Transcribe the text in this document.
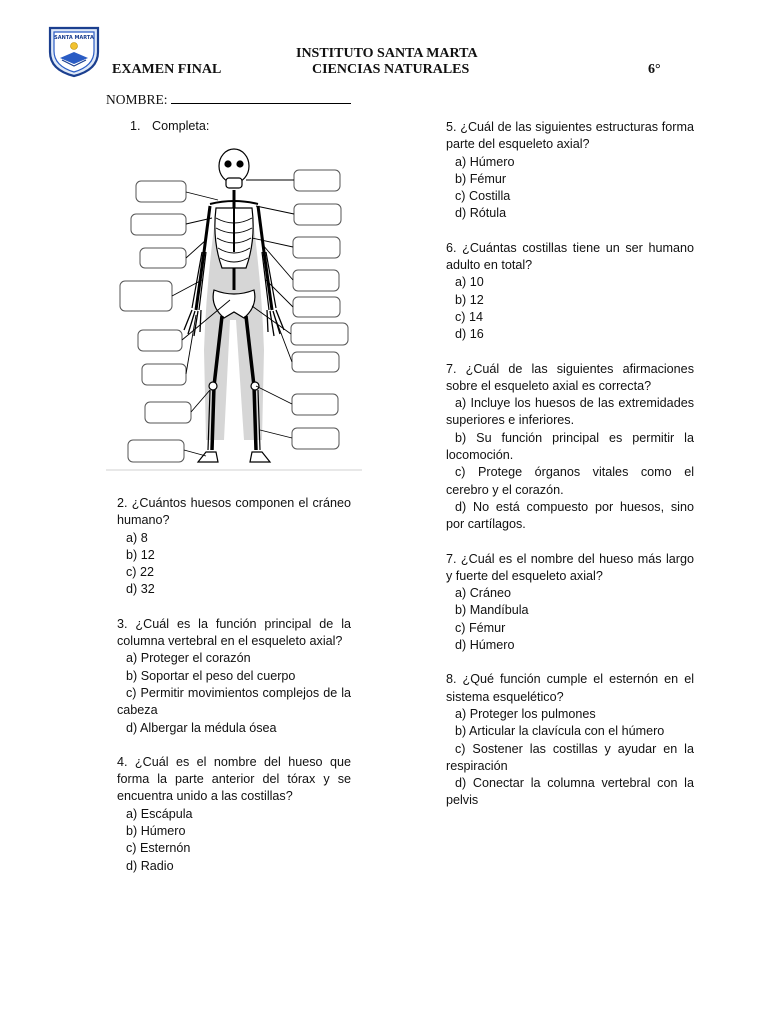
SANTA MARTA
INSTITUTO SANTA MARTA
EXAMEN FINAL	CIENCIAS NATURALES	6°
NOMBRE:
1. Completa:
2. ¿Cuántos huesos componen el cráneo humano?
a) 8
b) 12
c) 22
d) 32
3. ¿Cuál es la función principal de la columna vertebral en el esqueleto axial?
a) Proteger el corazón
b) Soportar el peso del cuerpo
c) Permitir movimientos complejos de la cabeza
d) Albergar la médula ósea
4. ¿Cuál es el nombre del hueso que forma la parte anterior del tórax y se encuentra unido a las costillas?
a) Escápula
b) Húmero
c) Esternón
d) Radio
5. ¿Cuál de las siguientes estructuras forma parte del esqueleto axial?
a) Húmero
b) Fémur
c) Costilla
d) Rótula
6. ¿Cuántas costillas tiene un ser humano adulto en total?
a) 10
b) 12
c) 14
d) 16
7. ¿Cuál de las siguientes afirmaciones sobre el esqueleto axial es correcta?
a) Incluye los huesos de las extremidades superiores e inferiores.
b) Su función principal es permitir la locomoción.
c) Protege órganos vitales como el cerebro y el corazón.
d) No está compuesto por huesos, sino por cartílagos.
7. ¿Cuál es el nombre del hueso más largo y fuerte del esqueleto axial?
a) Cráneo
b) Mandíbula
c) Fémur
d) Húmero
8. ¿Qué función cumple el esternón en el sistema esquelético?
a) Proteger los pulmones
b) Articular la clavícula con el húmero
c) Sostener las costillas y ayudar en la respiración
d) Conectar la columna vertebral con la pelvis
